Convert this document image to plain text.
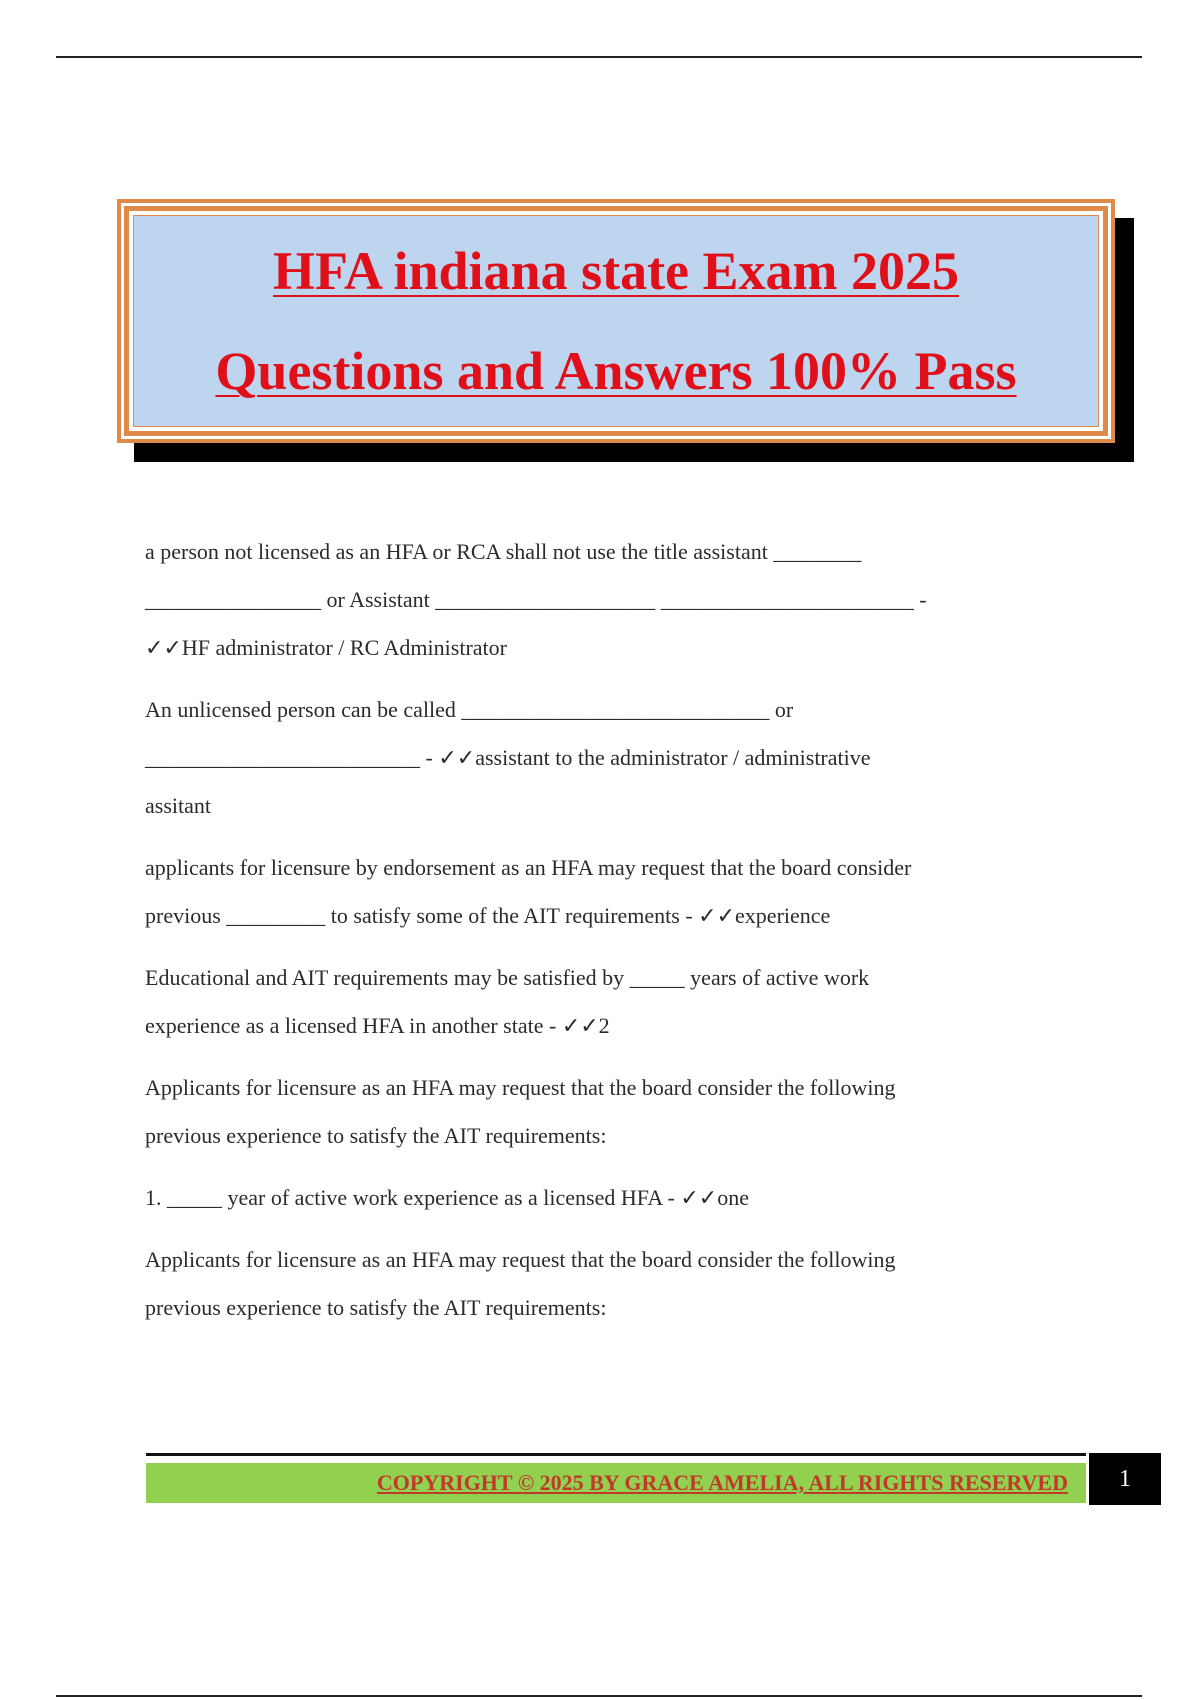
HFA indiana state Exam 2025
Questions and Answers 100% Pass

a person not licensed as an HFA or RCA shall not use the title assistant ________

________________ or Assistant ____________________ _______________________ -

✓✓HF administrator / RC Administrator

An unlicensed person can be called ____________________________ or

_________________________ - ✓✓assistant to the administrator / administrative

assitant

applicants for licensure by endorsement as an HFA may request that the board consider

previous _________ to satisfy some of the AIT requirements - ✓✓experience

Educational and AIT requirements may be satisfied by _____ years of active work

experience as a licensed HFA in another state - ✓✓2

Applicants for licensure as an HFA may request that the board consider the following

previous experience to satisfy the AIT requirements:

1. _____ year of active work experience as a licensed HFA - ✓✓one

Applicants for licensure as an HFA may request that the board consider the following

previous experience to satisfy the AIT requirements:

COPYRIGHT © 2025 BY GRACE AMELIA, ALL RIGHTS RESERVED	1
